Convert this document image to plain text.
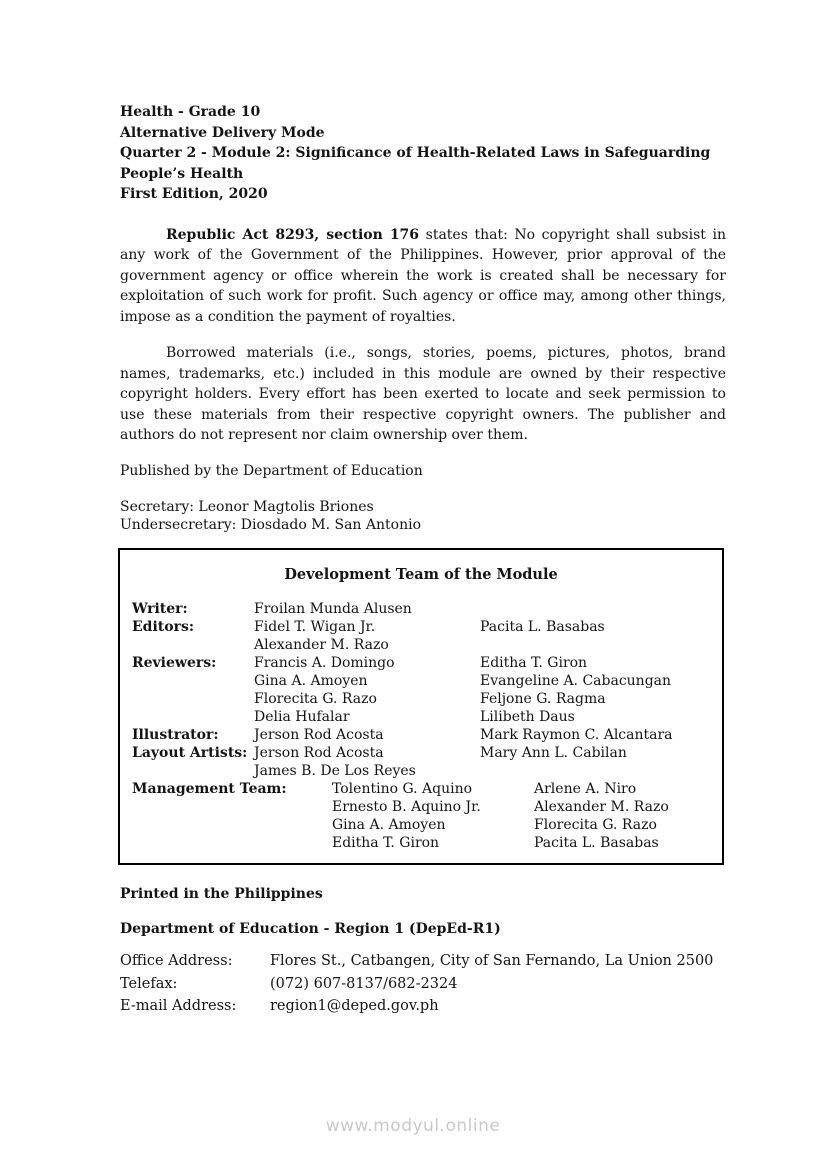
Health - Grade 10
Alternative Delivery Mode
Quarter 2 - Module 2: Significance of Health-Related Laws in Safeguarding
People’s Health
First Edition, 2020

Republic Act 8293, section 176 states that: No copyright shall subsist in any work of the Government of the Philippines. However, prior approval of the government agency or office wherein the work is created shall be necessary for exploitation of such work for profit. Such agency or office may, among other things, impose as a condition the payment of royalties.

Borrowed materials (i.e., songs, stories, poems, pictures, photos, brand names, trademarks, etc.) included in this module are owned by their respective copyright holders. Every effort has been exerted to locate and seek permission to use these materials from their respective copyright owners. The publisher and authors do not represent nor claim ownership over them.

Published by the Department of Education
Secretary: Leonor Magtolis Briones
Undersecretary: Diosdado M. San Antonio
Development Team of the Module
Writer:	Froilan Munda Alusen
Editors:	Fidel T. Wigan Jr.	Pacita L. Basabas
Alexander M. Razo
Reviewers:	Francis A. Domingo	Editha T. Giron
Gina A. Amoyen	Evangeline A. Cabacungan
Florecita G. Razo	Feljone G. Ragma
Delia Hufalar	Lilibeth Daus
Illustrator:	Jerson Rod Acosta	Mark Raymon C. Alcantara
Layout Artists: Jerson Rod Acosta	Mary Ann L. Cabilan
James B. De Los Reyes
Management Team:	Tolentino G. Aquino	Arlene A. Niro
Ernesto B. Aquino Jr.	Alexander M. Razo
Gina A. Amoyen	Florecita G. Razo
Editha T. Giron	Pacita L. Basabas
Printed in the Philippines
Department of Education - Region 1 (DepEd-R1)
Office Address:	Flores St., Catbangen, City of San Fernando, La Union 2500
Telefax:	(072) 607-8137/682-2324
E-mail Address:	region1@deped.gov.ph
www.modyul.online
